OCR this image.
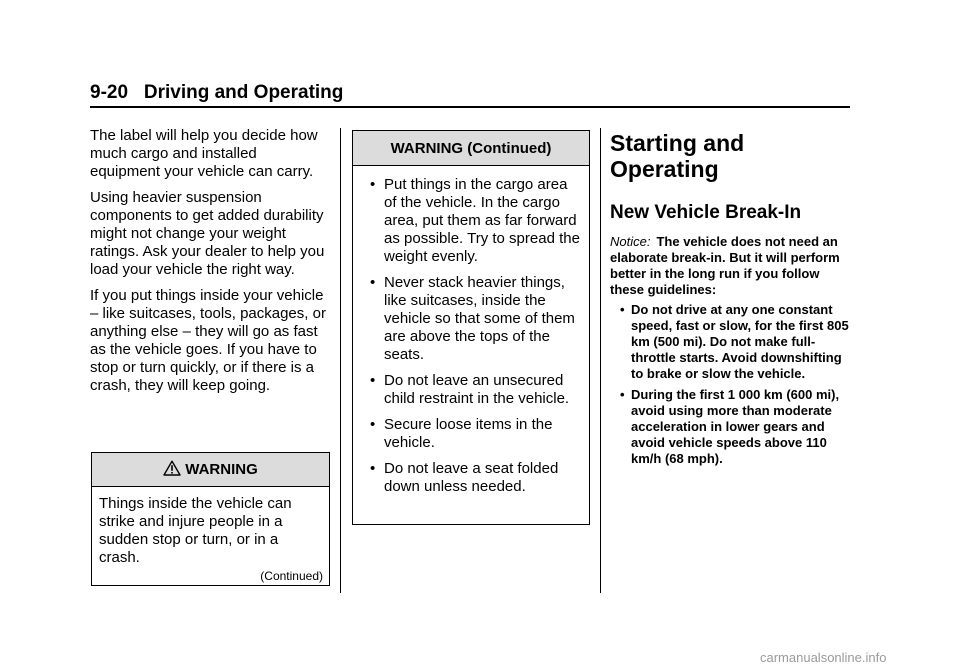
9-20 Driving and Operating

The label will help you decide how much cargo and installed equipment your vehicle can carry.

Using heavier suspension components to get added durability might not change your weight ratings. Ask your dealer to help you load your vehicle the right way.

If you put things inside your vehicle – like suitcases, tools, packages, or anything else – they will go as fast as the vehicle goes. If you have to stop or turn quickly, or if there is a crash, they will keep going.

WARNING
Things inside the vehicle can strike and injure people in a sudden stop or turn, or in a crash.
(Continued)
WARNING (Continued)
• Put things in the cargo area of the vehicle. In the cargo area, put them as far forward as possible. Try to spread the weight evenly.
• Never stack heavier things, like suitcases, inside the vehicle so that some of them are above the tops of the seats.
• Do not leave an unsecured child restraint in the vehicle.
• Secure loose items in the vehicle.
• Do not leave a seat folded down unless needed.
Starting and Operating
New Vehicle Break-In

Notice: The vehicle does not need an elaborate break-in. But it will perform better in the long run if you follow these guidelines:

• Do not drive at any one constant speed, fast or slow, for the first 805 km (500 mi). Do not make full-throttle starts. Avoid downshifting to brake or slow the vehicle.
• During the first 1 000 km (600 mi), avoid using more than moderate acceleration in lower gears and avoid vehicle speeds above 110 km/h (68 mph).
carmanualsonline.info
